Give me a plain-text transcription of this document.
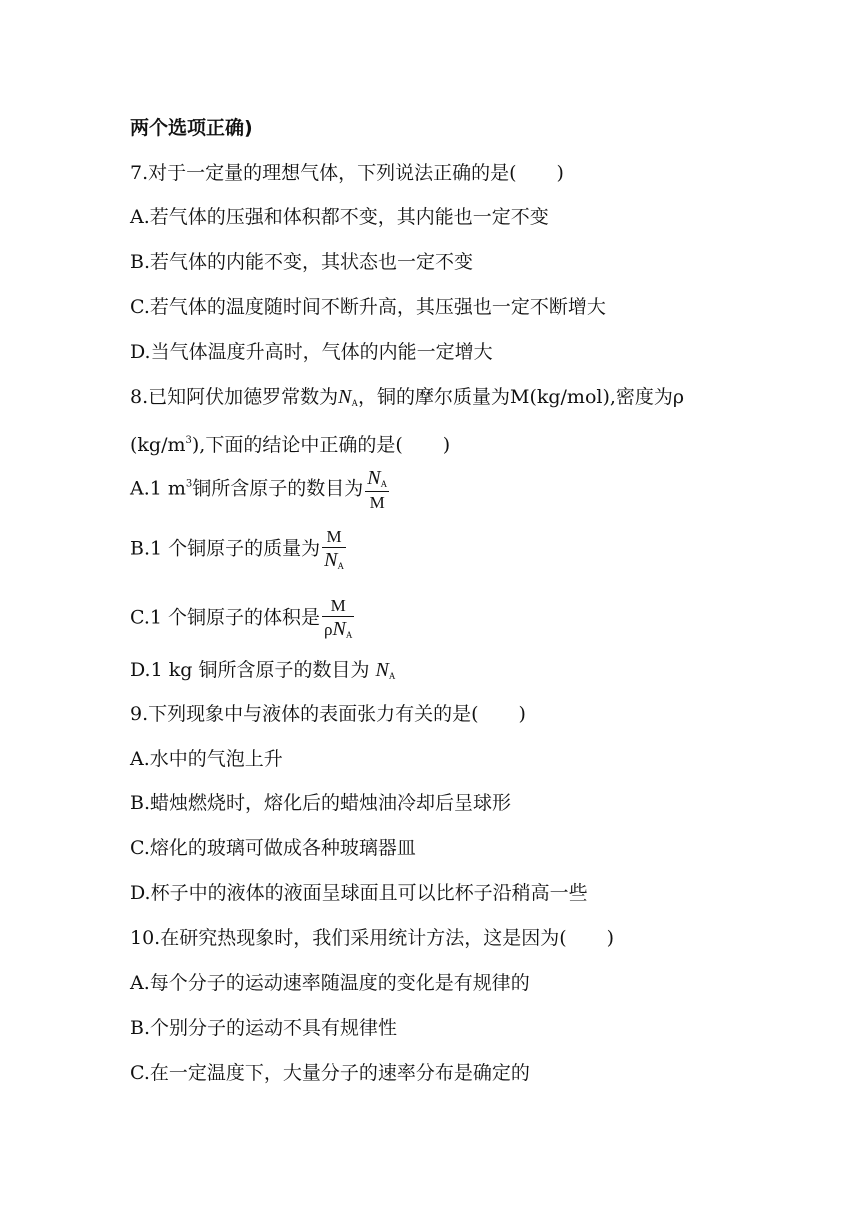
两个选项正确)
7.对于一定量的理想气体，下列说法正确的是( )
A.若气体的压强和体积都不变，其内能也一定不变
B.若气体的内能不变，其状态也一定不变
C.若气体的温度随时间不断升高，其压强也一定不断增大
D.当气体温度升高时，气体的内能一定增大
8.已知阿伏加德罗常数为$N_A$，铜的摩尔质量为M(kg/mol),密度为ρ
$(kg/m^3)$,下面的结论中正确的是( )
A.1 $m^3$铜所含原子的数目为 $\frac{N_A}{M}$
B.1 个铜原子的质量为 $\frac{M}{N_A}$
C.1 个铜原子的体积是 $\frac{M}{\rho N_A}$
D.1 kg 铜所含原子的数目为 $N_A$
9.下列现象中与液体的表面张力有关的是( )
A.水中的气泡上升
B.蜡烛燃烧时，熔化后的蜡烛油冷却后呈球形
C.熔化的玻璃可做成各种玻璃器皿
D.杯子中的液体的液面呈球面且可以比杯子沿稍高一些
10.在研究热现象时，我们采用统计方法，这是因为( )
A.每个分子的运动速率随温度的变化是有规律的
B.个别分子的运动不具有规律性
C.在一定温度下，大量分子的速率分布是确定的
